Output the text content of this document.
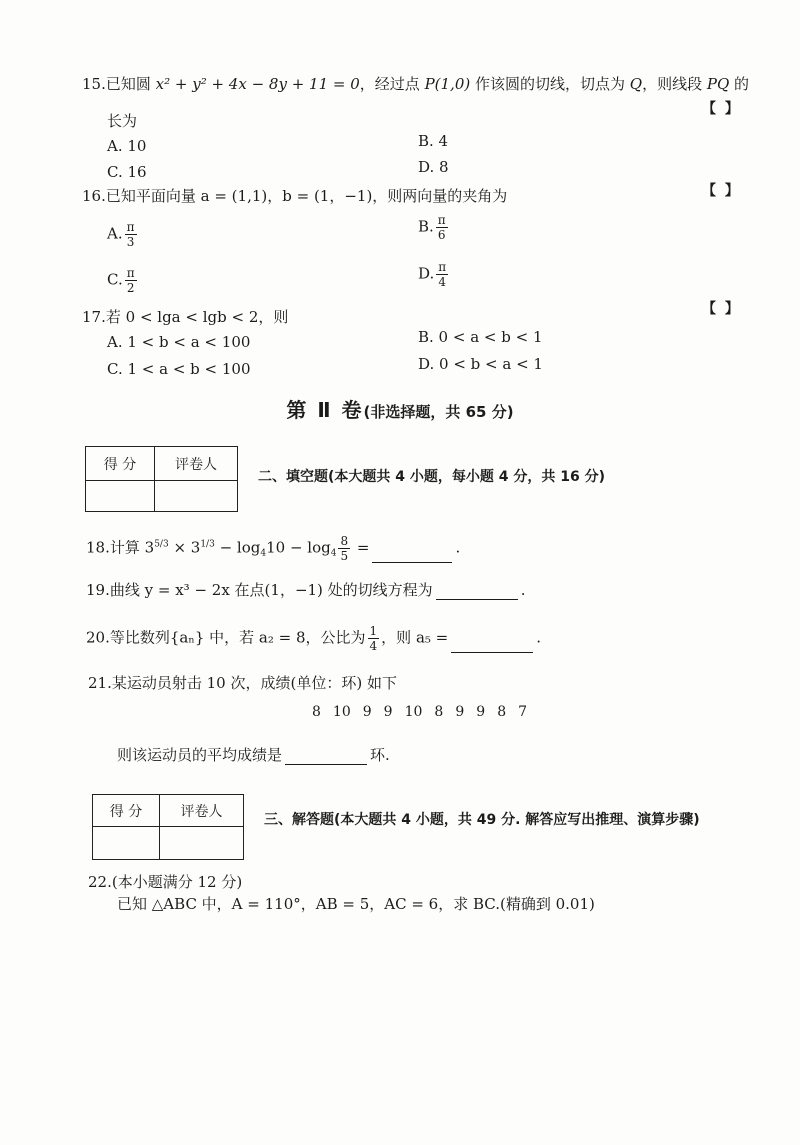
15.已知圆 x² + y² + 4x − 8y + 11 = 0，经过点 P(1,0) 作该圆的切线，切点为 Q，则线段 PQ 的
【 】
长为
A. 10	B. 4
C. 16	D. 8
16.已知平面向量 a = (1,1)，b = (1，−1)，则两向量的夹角为	【 】
A. $\frac{\pi}{3}$	B. $\frac{\pi}{6}$
C. $\frac{\pi}{2}$	D. $\frac{\pi}{4}$
17.若 0 < lga < lgb < 2，则	【 】
A. 1 < b < a < 100	B. 0 < a < b < 1
C. 1 < a < b < 100	D. 0 < b < a < 1
第 Ⅱ 卷(非选择题，共 65 分)
得 分	评卷人

二、填空题(本大题共 4 小题，每小题 4 分，共 16 分)
18.计算 $3^{5/3} \times 3^{1/3} - \log_410 - \log_4 \frac{8}{5}$ =	.
19.曲线 y = x³ − 2x 在点(1，−1) 处的切线方程为	.
20.等比数列{aₙ} 中，若 a₂ = 8，公比为 $\frac{1}{4}$ ，则 a₅ =	.
21.某运动员射击 10 次，成绩(单位：环) 如下
8 10 9 9 10 8 9 9 8 7
则该运动员的平均成绩是	环.
得 分	评卷人

三、解答题(本大题共 4 小题，共 49 分. 解答应写出推理、演算步骤)
22.(本小题满分 12 分)
已知 △ABC 中，A = 110°，AB = 5，AC = 6，求 BC.(精确到 0.01)
